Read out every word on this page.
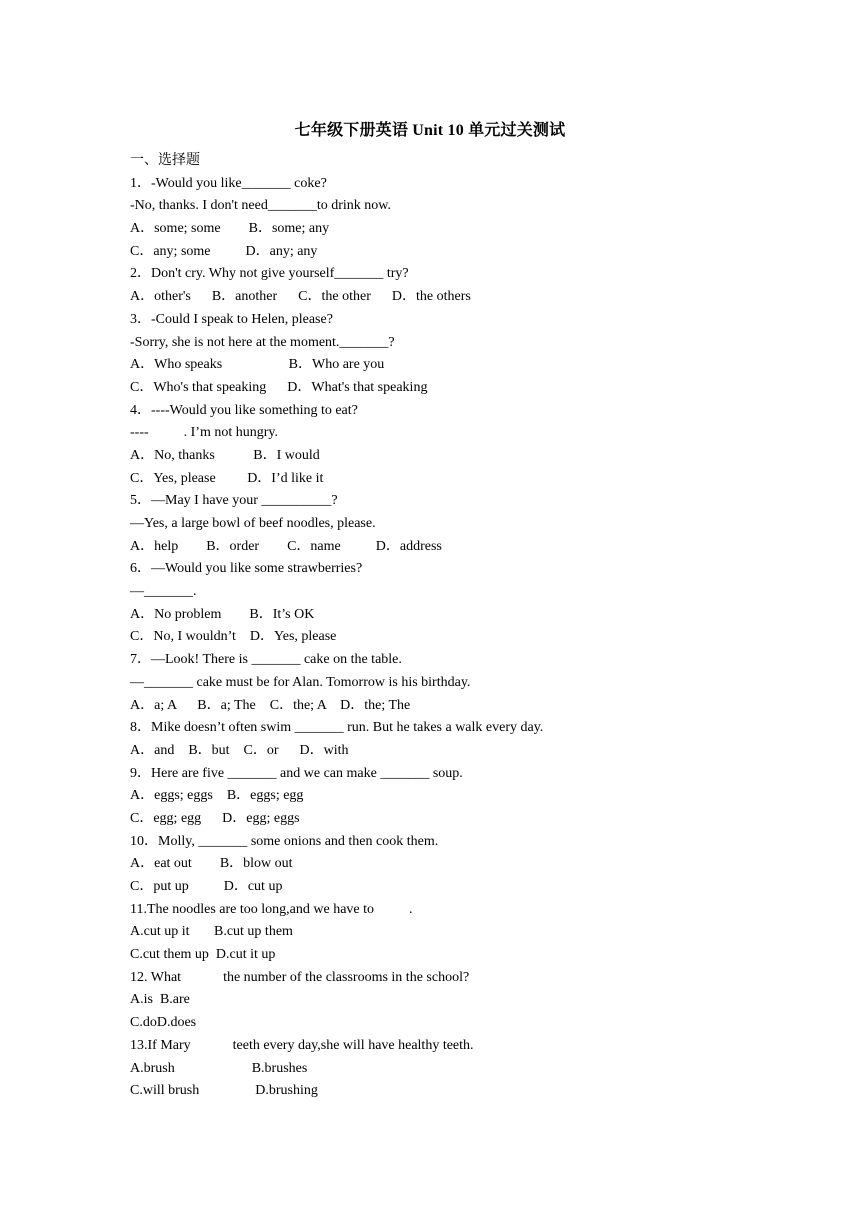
七年级下册英语 Unit 10 单元过关测试
一、选择题
1．-Would you like_______ coke?
-No, thanks. I don't need_______to drink now.
A．some; some        B．some; any
C．any; some          D．any; any
2．Don't cry. Why not give yourself_______ try?
A．other's      B．another      C．the other      D．the others
3．-Could I speak to Helen, please?
-Sorry, she is not here at the moment._______?
A．Who speaks                   B．Who are you
C．Who's that speaking      D．What's that speaking
4．----Would you like something to eat?
----          . I’m not hungry.
A．No, thanks           B．I would
C．Yes, please         D．I’d like it
5．—May I have your __________?
—Yes, a large bowl of beef noodles, please.
A．help        B．order        C．name          D．address
6．—Would you like some strawberries?
—_______.
A．No problem        B．It’s OK
C．No, I wouldn’t    D．Yes, please
7．—Look! There is _______ cake on the table.
—_______ cake must be for Alan. Tomorrow is his birthday.
A．a; A      B．a; The    C．the; A    D．the; The
8．Mike doesn’t often swim _______ run. But he takes a walk every day.
A．and    B．but    C．or      D．with
9．Here are five _______ and we can make _______ soup.
A．eggs; eggs    B．eggs; egg
C．egg; egg      D．egg; eggs
10．Molly, _______ some onions and then cook them.
A．eat out        B．blow out
C．put up          D．cut up
11.The noodles are too long,and we have to          .
A.cut up it       B.cut up them
C.cut them up  D.cut it up
12. What            the number of the classrooms in the school?
A.is  B.are
C.doD.does
13.If Mary            teeth every day,she will have healthy teeth.
A.brush                      B.brushes
C.will brush                D.brushing
